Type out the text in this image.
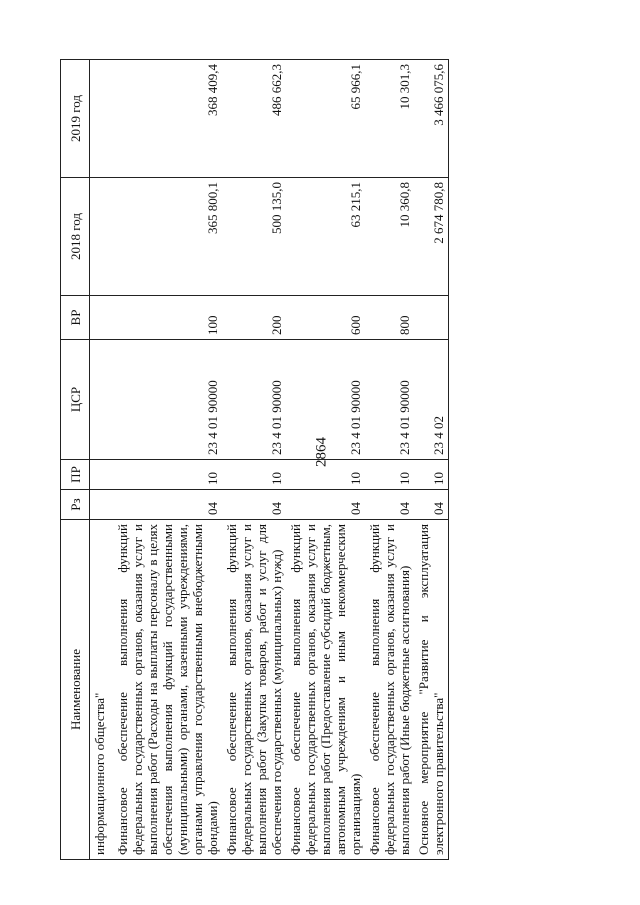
2864
Наименование	Рз	ПР	ЦСР	ВР	2018 год	2019 год
информационного общества"						
Финансовое обеспечение выполнения функций федеральных государственных органов, оказания услуг и выполнения работ (Расходы на выплаты персоналу в целях обеспечения выполнения функций государственными (муниципальными) органами, казенными учреждениями, органами управления государственными внебюджетными фондами)	04	10	23 4 01 90000	100	365 800,1	368 409,4
Финансовое обеспечение выполнения функций федеральных государственных органов, оказания услуг и выполнения работ (Закупка товаров, работ и услуг для обеспечения государственных (муниципальных) нужд)	04	10	23 4 01 90000	200	500 135,0	486 662,3
Финансовое обеспечение выполнения функций федеральных государственных органов, оказания услуг и выполнения работ (Предоставление субсидий бюджетным, автономным учреждениям и иным некоммерческим организациям)	04	10	23 4 01 90000	600	63 215,1	65 966,1
Финансовое обеспечение выполнения функций федеральных государственных органов, оказания услуг и выполнения работ (Иные бюджетные ассигнования)	04	10	23 4 01 90000	800	10 360,8	10 301,3
Основное мероприятие "Развитие и эксплуатация электронного правительства"	04	10	23 4 02		2 674 780,8	3 466 075,6
